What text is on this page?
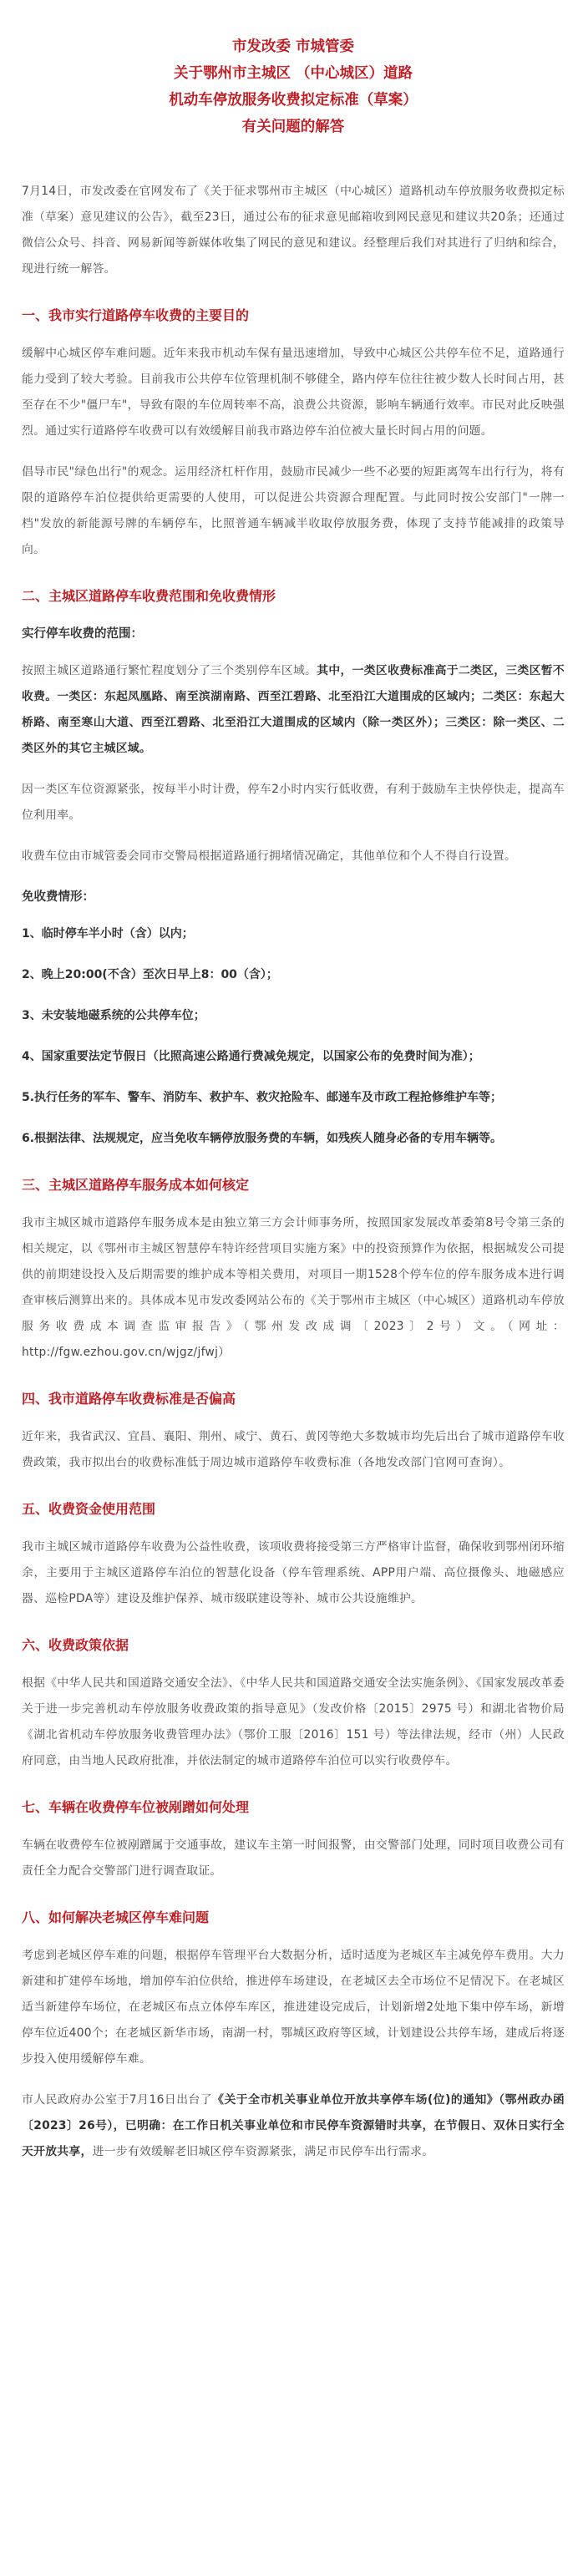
市发改委 市城管委
关于鄂州市主城区 （中心城区）道路
机动车停放服务收费拟定标准（草案）
有关问题的解答

7月14日，市发改委在官网发布了《关于征求鄂州市主城区（中心城区）道路机动车停放服务收费拟定标准（草案）意见建议的公告》，截至23日，通过公布的征求意见邮箱收到网民意见和建议共20条；还通过微信公众号、抖音、网易新闻等新媒体收集了网民的意见和建议。经整理后我们对其进行了归纳和综合，现进行统一解答。

一、我市实行道路停车收费的主要目的

缓解中心城区停车难问题。近年来我市机动车保有量迅速增加，导致中心城区公共停车位不足，道路通行能力受到了较大考验。目前我市公共停车位管理机制不够健全，路内停车位往往被少数人长时间占用，甚至存在不少"僵尸车"，导致有限的车位周转率不高，浪费公共资源，影响车辆通行效率。市民对此反映强烈。通过实行道路停车收费可以有效缓解目前我市路边停车泊位被大量长时间占用的问题。

倡导市民"绿色出行"的观念。运用经济杠杆作用，鼓励市民减少一些不必要的短距离驾车出行行为，将有限的道路停车泊位提供给更需要的人使用，可以促进公共资源合理配置。与此同时按公安部门"一牌一档"发放的新能源号牌的车辆停车，比照普通车辆减半收取停放服务费，体现了支持节能减排的政策导向。

二、主城区道路停车收费范围和免收费情形
实行停车收费的范围：

按照主城区道路通行繁忙程度划分了三个类别停车区域。其中，一类区收费标准高于二类区，三类区暂不收费。一类区：东起凤凰路、南至滨湖南路、西至江碧路、北至沿江大道围成的区域内；二类区：东起大桥路、南至寒山大道、西至江碧路、北至沿江大道围成的区域内（除一类区外）；三类区：除一类区、二类区外的其它主城区域。

因一类区车位资源紧张，按每半小时计费，停车2小时内实行低收费，有利于鼓励车主快停快走，提高车位利用率。

收费车位由市城管委会同市交警局根据道路通行拥堵情况确定，其他单位和个人不得自行设置。

免收费情形：
1、临时停车半小时（含）以内；
2、晚上20:00(不含）至次日早上8：00（含）；
3、未安装地磁系统的公共停车位；
4、国家重要法定节假日（比照高速公路通行费减免规定，以国家公布的免费时间为准）；
5.执行任务的军车、警车、消防车、救护车、救灾抢险车、邮递车及市政工程抢修维护车等；
6.根据法律、法规规定，应当免收车辆停放服务费的车辆，如残疾人随身必备的专用车辆等。
三、主城区道路停车服务成本如何核定

我市主城区城市道路停车服务成本是由独立第三方会计师事务所，按照国家发展改革委第8号令第三条的相关规定，以《鄂州市主城区智慧停车特许经营项目实施方案》中的投资预算作为依据，根据城发公司提供的前期建设投入及后期需要的维护成本等相关费用，对项目一期1528个停车位的停车服务成本进行调查审核后测算出来的。具体成本见市发改委网站公布的《关于鄂州市主城区（中心城区）道路机动车停放服务收费成本调查监审报告》（鄂州发改成调〔2023〕2号）文。（网址：http://fgw.ezhou.gov.cn/wjgz/jfwj）

四、我市道路停车收费标准是否偏高

近年来，我省武汉、宜昌、襄阳、荆州、咸宁、黄石、黄冈等绝大多数城市均先后出台了城市道路停车收费政策，我市拟出台的收费标准低于周边城市道路停车收费标准（各地发改部门官网可查询）。

五、收费资金使用范围

我市主城区城市道路停车收费为公益性收费，该项收费将接受第三方严格审计监督，确保收到鄂州闭环缩余，主要用于主城区道路停车泊位的智慧化设备（停车管理系统、APP用户端、高位摄像头、地磁感应器、巡检PDA等）建设及维护保养、城市级联建设等补、城市公共设施维护。

六、收费政策依据

根据《中华人民共和国道路交通安全法》、《中华人民共和国道路交通安全法实施条例》、《国家发展改革委关于进一步完善机动车停放服务收费政策的指导意见》（发改价格〔2015〕2975 号）和湖北省物价局《湖北省机动车停放服务收费管理办法》（鄂价工服〔2016〕151 号）等法律法规，经市（州）人民政府同意，由当地人民政府批准，并依法制定的城市道路停车泊位可以实行收费停车。

七、车辆在收费停车位被剐蹭如何处理

车辆在收费停车位被剐蹭属于交通事故，建议车主第一时间报警，由交警部门处理，同时项目收费公司有责任全力配合交警部门进行调查取证。

八、如何解决老城区停车难问题

考虑到老城区停车难的问题，根据停车管理平台大数据分析，适时适度为老城区车主减免停车费用。大力新建和扩建停车场地，增加停车泊位供给，推进停车场建设，在老城区去全市场位不足情况下。在老城区适当新建停车场位，在老城区布点立体停车库区，推进建设完成后，计划新增2处地下集中停车场，新增停车位近400个；在老城区新华市场，南湖一村，鄂城区政府等区域，计划建设公共停车场，建成后将逐步投入使用缓解停车难。

市人民政府办公室于7月16日出台了《关于全市机关事业单位开放共享停车场(位)的通知》（鄂州政办函〔2023〕26号），已明确：在工作日机关事业单位和市民停车资源错时共享，在节假日、双休日实行全天开放共享，进一步有效缓解老旧城区停车资源紧张，满足市民停车出行需求。
